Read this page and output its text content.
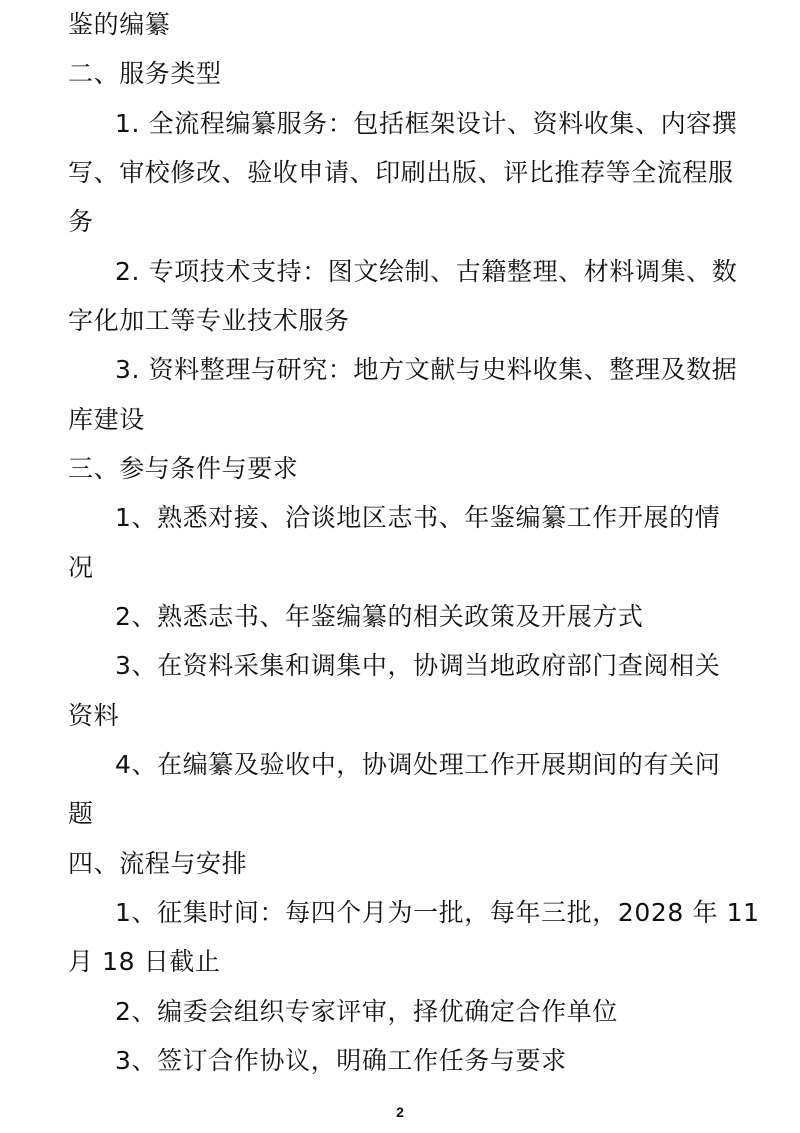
鉴的编纂
二、服务类型
1. 全流程编纂服务：包括框架设计、资料收集、内容撰
写、审校修改、验收申请、印刷出版、评比推荐等全流程服
务
2. 专项技术支持：图文绘制、古籍整理、材料调集、数
字化加工等专业技术服务
3. 资料整理与研究：地方文献与史料收集、整理及数据
库建设
三、参与条件与要求
1、熟悉对接、洽谈地区志书、年鉴编纂工作开展的情
况
2、熟悉志书、年鉴编纂的相关政策及开展方式
3、在资料采集和调集中，协调当地政府部门查阅相关
资料
4、在编纂及验收中，协调处理工作开展期间的有关问
题
四、流程与安排
1、征集时间：每四个月为一批，每年三批，2028 年 11
月 18 日截止
2、编委会组织专家评审，择优确定合作单位
3、签订合作协议，明确工作任务与要求
2
